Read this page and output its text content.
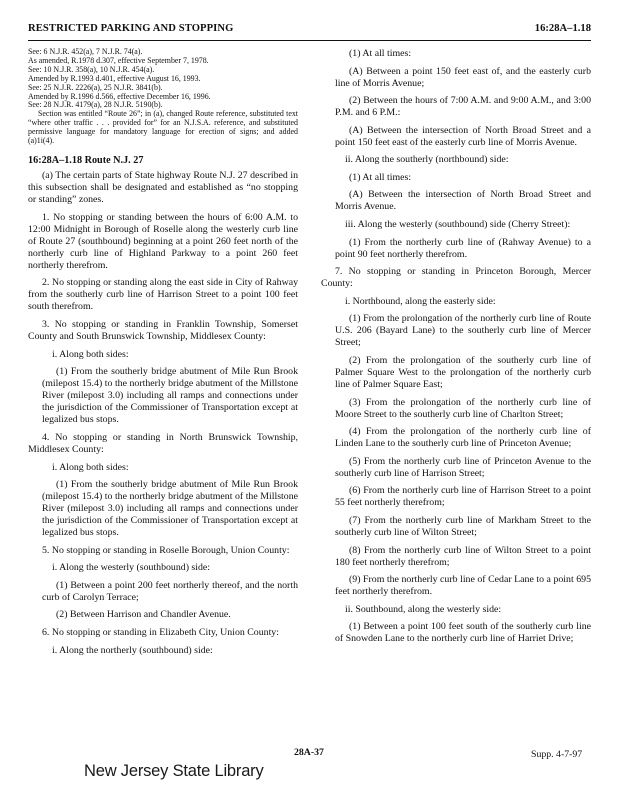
RESTRICTED PARKING AND STOPPING	16:28A–1.18

See: 6 N.J.R. 452(a), 7 N.J.R. 74(a).

As amended, R.1978 d.307, effective September 7, 1978.

See: 10 N.J.R. 358(a), 10 N.J.R. 454(a).

Amended by R.1993 d.401, effective August 16, 1993.

See: 25 N.J.R. 2226(a), 25 N.J.R. 3841(b).

Amended by R.1996 d.566, effective December 16, 1996.

See: 28 N.J.R. 4179(a), 28 N.J.R. 5190(b).

Section was entitled “Route 26”; in (a), changed Route reference, substituted text “where other traffic . . . provided for” for an N.J.S.A. reference, and substituted permissive language for mandatory language for erection of signs; and added (a)1i(4).

16:28A–1.18 Route N.J. 27

(a) The certain parts of State highway Route N.J. 27 described in this subsection shall be designated and established as “no stopping or standing” zones.

1. No stopping or standing between the hours of 6:00 A.M. to 12:00 Midnight in Borough of Roselle along the westerly curb line of Route 27 (southbound) beginning at a point 260 feet north of the northerly curb line of Highland Parkway to a point 260 feet northerly therefrom.

2. No stopping or standing along the east side in City of Rahway from the southerly curb line of Harrison Street to a point 100 feet south therefrom.

3. No stopping or standing in Franklin Township, Somerset County and South Brunswick Township, Middlesex County:

i. Along both sides:

(1) From the southerly bridge abutment of Mile Run Brook (milepost 15.4) to the northerly bridge abutment of the Millstone River (milepost 3.0) including all ramps and connections under the jurisdiction of the Commissioner of Transportation except at legalized bus stops.

4. No stopping or standing in North Brunswick Township, Middlesex County:

i. Along both sides:

(1) From the southerly bridge abutment of Mile Run Brook (milepost 15.4) to the northerly bridge abutment of the Millstone River (milepost 3.0) including all ramps and connections under the jurisdiction of the Commissioner of Transportation except at legalized bus stops.

5. No stopping or standing in Roselle Borough, Union County:

i. Along the westerly (southbound) side:

(1) Between a point 200 feet northerly thereof, and the north curb of Carolyn Terrace;

(2) Between Harrison and Chandler Avenue.

6. No stopping or standing in Elizabeth City, Union County:

i. Along the northerly (southbound) side:

(1) At all times:

(A) Between a point 150 feet east of, and the easterly curb line of Morris Avenue;

(2) Between the hours of 7:00 A.M. and 9:00 A.M., and 3:00 P.M. and 6 P.M.:

(A) Between the intersection of North Broad Street and a point 150 feet east of the easterly curb line of Morris Avenue.

ii. Along the southerly (northbound) side:

(1) At all times:

(A) Between the intersection of North Broad Street and Morris Avenue.

iii. Along the westerly (southbound) side (Cherry Street):

(1) From the northerly curb line of (Rahway Avenue) to a point 90 feet northerly therefrom.

7. No stopping or standing in Princeton Borough, Mercer County:

i. Northbound, along the easterly side:

(1) From the prolongation of the northerly curb line of Route U.S. 206 (Bayard Lane) to the southerly curb line of Mercer Street;

(2) From the prolongation of the southerly curb line of Palmer Square West to the prolongation of the northerly curb line of Palmer Square East;

(3) From the prolongation of the northerly curb line of Moore Street to the southerly curb line of Charlton Street;

(4) From the prolongation of the northerly curb line of Linden Lane to the southerly curb line of Princeton Avenue;

(5) From the northerly curb line of Princeton Avenue to the southerly curb line of Harrison Street;

(6) From the northerly curb line of Harrison Street to a point 55 feet northerly therefrom;

(7) From the northerly curb line of Markham Street to the southerly curb line of Wilton Street;

(8) From the northerly curb line of Wilton Street to a point 180 feet northerly therefrom;

(9) From the northerly curb line of Cedar Lane to a point 695 feet northerly therefrom.

ii. Southbound, along the westerly side:

(1) Between a point 100 feet south of the southerly curb line of Snowden Lane to the northerly curb line of Harriet Drive;

28A-37	Supp. 4-7-97
New Jersey State Library
